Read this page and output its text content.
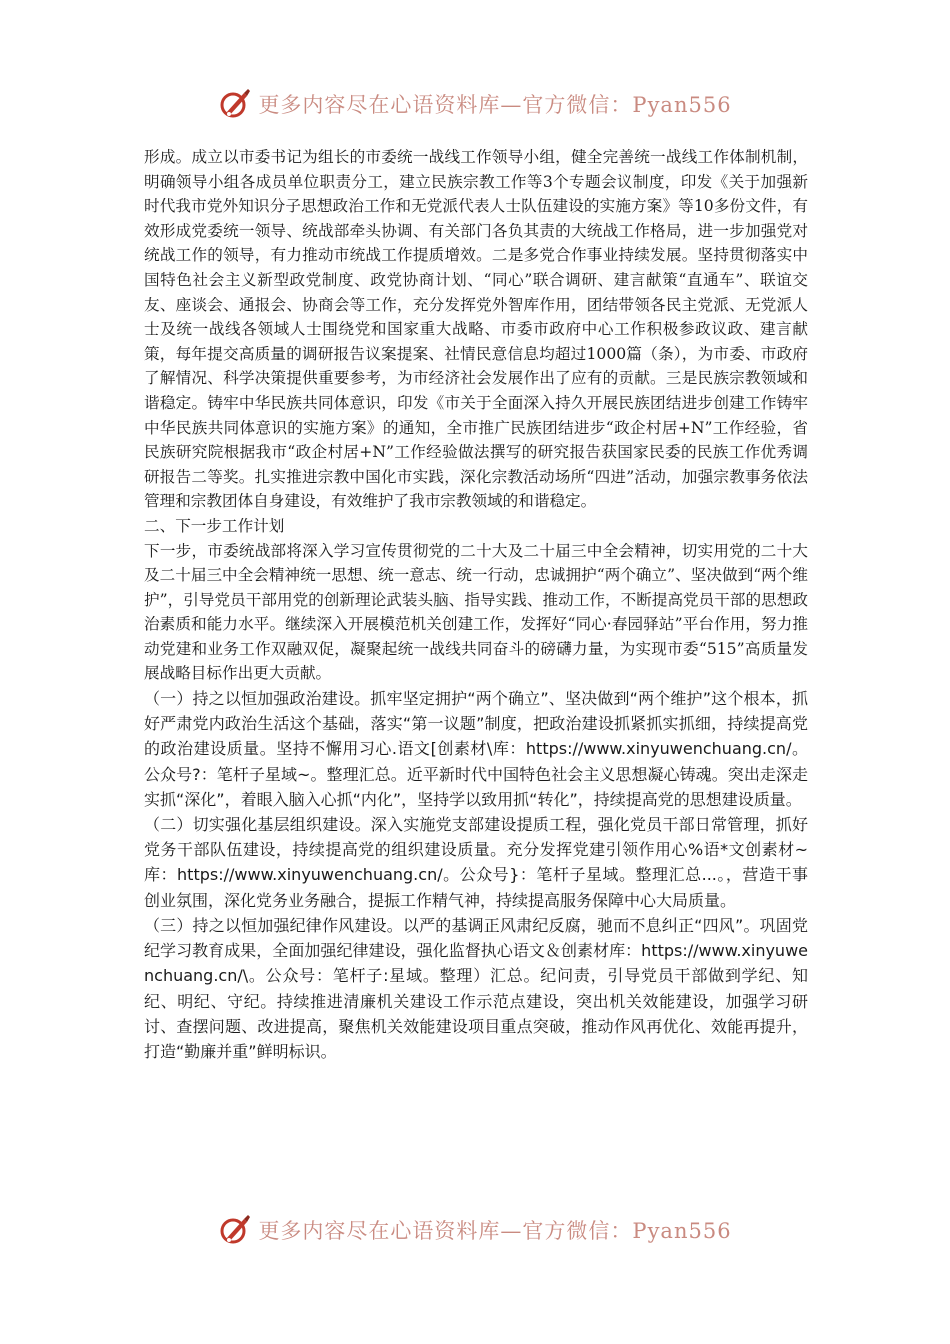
更多内容尽在心语资料库—官方微信：Pyan556

形成。成立以市委书记为组长的市委统一战线工作领导小组，健全完善统一战线工作体制机制，明确领导小组各成员单位职责分工，建立民族宗教工作等3个专题会议制度，印发《关于加强新时代我市党外知识分子思想政治工作和无党派代表人士队伍建设的实施方案》等10多份文件，有效形成党委统一领导、统战部牵头协调、有关部门各负其责的大统战工作格局，进一步加强党对统战工作的领导，有力推动市统战工作提质增效。二是多党合作事业持续发展。坚持贯彻落实中国特色社会主义新型政党制度、政党协商计划、“同心”联合调研、建言献策“直通车”、联谊交友、座谈会、通报会、协商会等工作，充分发挥党外智库作用，团结带领各民主党派、无党派人士及统一战线各领域人士围绕党和国家重大战略、市委市政府中心工作积极参政议政、建言献策，每年提交高质量的调研报告议案提案、社情民意信息均超过1000篇（条），为市委、市政府了解情况、科学决策提供重要参考，为市经济社会发展作出了应有的贡献。三是民族宗教领域和谐稳定。铸牢中华民族共同体意识，印发《市关于全面深入持久开展民族团结进步创建工作铸牢中华民族共同体意识的实施方案》的通知，全市推广民族团结进步“政企村居+N”工作经验，省民族研究院根据我市“政企村居+N”工作经验做法撰写的研究报告获国家民委的民族工作优秀调研报告二等奖。扎实推进宗教中国化市实践，深化宗教活动场所“四进”活动，加强宗教事务依法管理和宗教团体自身建设，有效维护了我市宗教领域的和谐稳定。

二、下一步工作计划

下一步，市委统战部将深入学习宣传贯彻党的二十大及二十届三中全会精神，切实用党的二十大及二十届三中全会精神统一思想、统一意志、统一行动，忠诚拥护“两个确立”、坚决做到“两个维护”，引导党员干部用党的创新理论武装头脑、指导实践、推动工作，不断提高党员干部的思想政治素质和能力水平。继续深入开展模范机关创建工作，发挥好“同心·春园驿站”平台作用，努力推动党建和业务工作双融双促，凝聚起统一战线共同奋斗的磅礴力量，为实现市委“515”高质量发展战略目标作出更大贡献。

（一）持之以恒加强政治建设。抓牢坚定拥护“两个确立”、坚决做到“两个维护”这个根本，抓好严肃党内政治生活这个基础，落实“第一议题”制度，把政治建设抓紧抓实抓细，持续提高党的政治建设质量。坚持不懈用习心.语文[创素材\库：https://www.xinyuwenchuang.cn/。公众号?：笔杆子星域~。整理汇总。近平新时代中国特色社会主义思想凝心铸魂。突出走深走实抓“深化”，着眼入脑入心抓“内化”，坚持学以致用抓“转化”，持续提高党的思想建设质量。

（二）切实强化基层组织建设。深入实施党支部建设提质工程，强化党员干部日常管理，抓好党务干部队伍建设，持续提高党的组织建设质量。充分发挥党建引领作用心%语*文创素材~库：https://www.xinyuwenchuang.cn/。公众号}：笔杆子星域。整理汇总...。，营造干事创业氛围，深化党务业务融合，提振工作精气神，持续提高服务保障中心大局质量。

（三）持之以恒加强纪律作风建设。以严的基调正风肃纪反腐，驰而不息纠正“四风”。巩固党纪学习教育成果，全面加强纪律建设，强化监督执心语文＆创素材库：https://www.xinyuwenchuang.cn/\。公众号：笔杆子:星域。整理）汇总。纪问责，引导党员干部做到学纪、知纪、明纪、守纪。持续推进清廉机关建设工作示范点建设，突出机关效能建设，加强学习研讨、查摆问题、改进提高，聚焦机关效能建设项目重点突破，推动作风再优化、效能再提升，打造“勤廉并重”鲜明标识。

更多内容尽在心语资料库—官方微信：Pyan556
